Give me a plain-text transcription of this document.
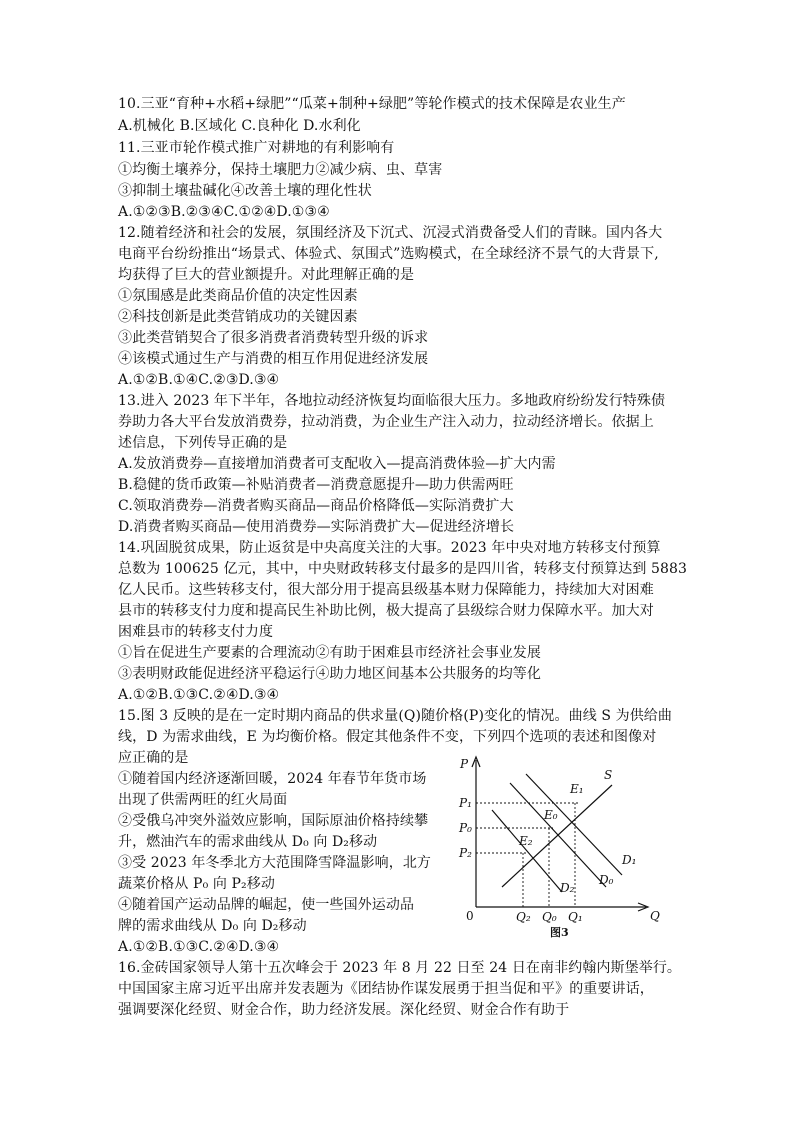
10.三亚“育种+水稻+绿肥”“瓜菜+制种+绿肥”等轮作模式的技术保障是农业生产
A.机械化 B.区域化 C.良种化 D.水利化
11.三亚市轮作模式推广对耕地的有利影响有
①均衡土壤养分，保持土壤肥力②减少病、虫、草害
③抑制土壤盐碱化④改善土壤的理化性状
A.①②③B.②③④C.①②④D.①③④
12.随着经济和社会的发展，氛围经济及下沉式、沉浸式消费备受人们的青睐。国内各大
电商平台纷纷推出“场景式、体验式、氛围式”选购模式，在全球经济不景气的大背景下,
均获得了巨大的营业额提升。对此理解正确的是
①氛围感是此类商品价值的决定性因素
②科技创新是此类营销成功的关键因素
③此类营销契合了很多消费者消费转型升级的诉求
④该模式通过生产与消费的相互作用促进经济发展
A.①②B.①④C.②③D.③④
13.进入 2023 年下半年，各地拉动经济恢复均面临很大压力。多地政府纷纷发行特殊债
券助力各大平台发放消费券，拉动消费，为企业生产注入动力，拉动经济增长。依据上
述信息，下列传导正确的是
A.发放消费券—直接增加消费者可支配收入—提高消费体验—扩大内需
B.稳健的货币政策—补贴消费者—消费意愿提升—助力供需两旺
C.领取消费券—消费者购买商品—商品价格降低—实际消费扩大
D.消费者购买商品—使用消费券—实际消费扩大—促进经济增长
14.巩固脱贫成果，防止返贫是中央高度关注的大事。2023 年中央对地方转移支付预算
总数为 100625 亿元，其中，中央财政转移支付最多的是四川省，转移支付预算达到 5883
亿人民币。这些转移支付，很大部分用于提高县级基本财力保障能力，持续加大对困难
县市的转移支付力度和提高民生补助比例，极大提高了县级综合财力保障水平。加大对
困难县市的转移支付力度
①旨在促进生产要素的合理流动②有助于困难县市经济社会事业发展
③表明财政能促进经济平稳运行④助力地区间基本公共服务的均等化
A.①②B.①③C.②④D.③④
15.图 3 反映的是在一定时期内商品的供求量(Q)随价格(P)变化的情况。曲线 S 为供给曲
线，D 为需求曲线，E 为均衡价格。假定其他条件不变，下列四个选项的表述和图像对
应正确的是
①随着国内经济逐渐回暖，2024 年春节年货市场
出现了供需两旺的红火局面
②受俄乌冲突外溢效应影响，国际原油价格持续攀
升，燃油汽车的需求曲线从 D₀ 向 D₂移动
③受 2023 年冬季北方大范围降雪降温影响，北方
蔬菜价格从 P₀ 向 P₂移动
④随着国产运动品牌的崛起，使一些国外运动品
牌的需求曲线从 D₀ 向 D₂移动
A.①②B.①③C.②④D.③④
16.金砖国家领导人第十五次峰会于 2023 年 8 月 22 日至 24 日在南非约翰内斯堡举行。
中国国家主席习近平出席并发表题为《团结协作谋发展勇于担当促和平》的重要讲话，
强调要深化经贸、财金合作，助力经济发展。深化经贸、财金合作有助于
P
Q
0
P₁
P₀
P₂
Q₂ Q₀ Q₁
E₁
E₀
E₂
S
D₁
D₀
D₂
图3
